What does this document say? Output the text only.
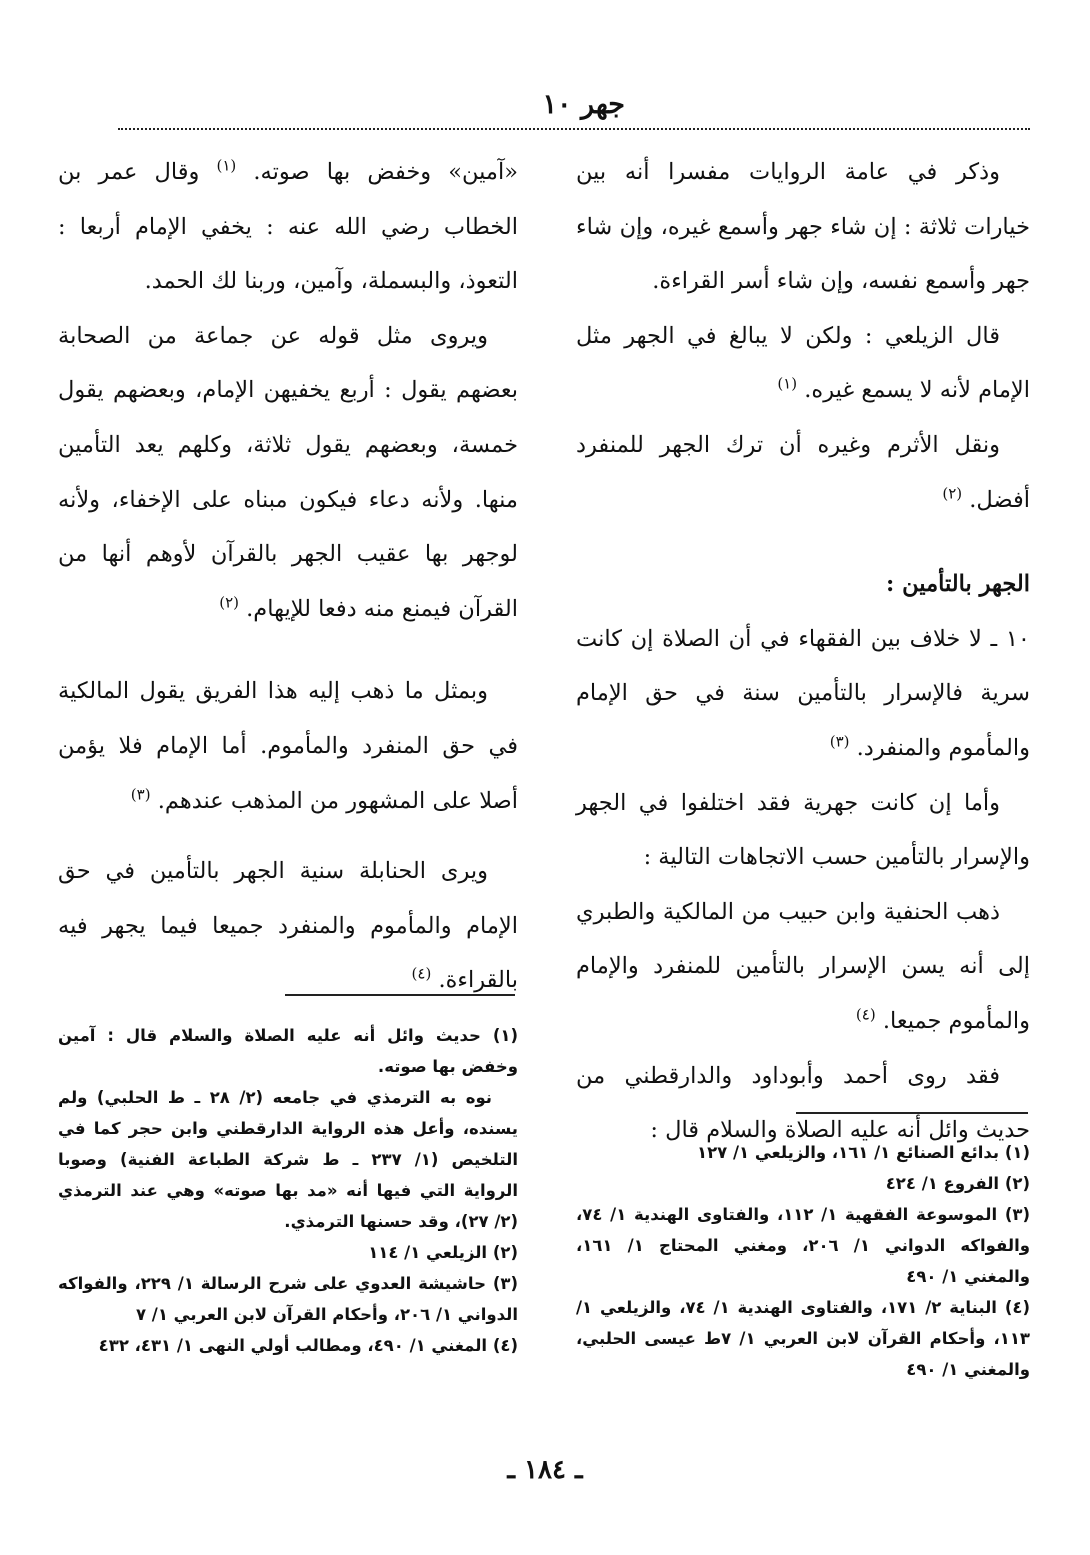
جهر ١٠

وذكر في عامة الروايات مفسرا أنه بين خيارات ثلاثة : إن شاء جهر وأسمع غيره، وإن شاء جهر وأسمع نفسه، وإن شاء أسر القراءة.

قال الزيلعي : ولكن لا يبالغ في الجهر مثل الإمام لأنه لا يسمع غيره. $^{(١)}$

ونقل الأثرم وغيره أن ترك الجهر للمنفرد أفضل. $^{(٢)}$

الجهر بالتأمين :

١٠ ـ لا خلاف بين الفقهاء في أن الصلاة إن كانت سرية فالإسرار بالتأمين سنة في حق الإمام والمأموم والمنفرد. $^{(٣)}$

وأما إن كانت جهرية فقد اختلفوا في الجهر والإسرار بالتأمين حسب الاتجاهات التالية :

ذهب الحنفية وابن حبيب من المالكية والطبري إلى أنه يسن الإسرار بالتأمين للمنفرد والإمام والمأموم جميعا. $^{(٤)}$

فقد روى أحمد وأبوداود والدارقطني من حديث وائل أنه عليه الصلاة والسلام قال :

«آمين» وخفض بها صوته. $^{(١)}$ وقال عمر بن الخطاب رضي الله عنه : يخفي الإمام أربعا : التعوذ، والبسملة، وآمين، وربنا لك الحمد.

ويروى مثل قوله عن جماعة من الصحابة بعضهم يقول : أربع يخفيهن الإمام، وبعضهم يقول خمسة، وبعضهم يقول ثلاثة، وكلهم يعد التأمين منها. ولأنه دعاء فيكون مبناه على الإخفاء، ولأنه لوجهر بها عقيب الجهر بالقرآن لأوهم أنها من القرآن فيمنع منه دفعا للإيهام. $^{(٢)}$

وبمثل ما ذهب إليه هذا الفريق يقول المالكية في حق المنفرد والمأموم. أما الإمام فلا يؤمن أصلا على المشهور من المذهب عندهم. $^{(٣)}$

ويرى الحنابلة سنية الجهر بالتأمين في حق الإمام والمأموم والمنفرد جميعا فيما يجهر فيه بالقراءة. $^{(٤)}$

(١) بدائع الصنائع ١/ ١٦١، والزيلعي ١/ ١٢٧

(٢) الفروع ١/ ٤٢٤

(٣) الموسوعة الفقهية ١/ ١١٢، والفتاوى الهندية ١/ ٧٤، والفواكه الدواني ١/ ٢٠٦، ومغني المحتاج ١/ ١٦١، والمغني ١/ ٤٩٠

(٤) البناية ٢/ ١٧١، والفتاوى الهندية ١/ ٧٤، والزيلعي ١/ ١١٣، وأحكام القرآن لابن العربي ١/ ٧ط عيسى الحلبي، والمغني ١/ ٤٩٠

(١) حديث وائل أنه عليه الصلاة والسلام قال : آمين وخفض بها صوته.

نوه به الترمذي في جامعه (٢/ ٢٨ ـ ط الحلبي) ولم يسنده، وأعل هذه الرواية الدارقطني وابن حجر كما في التلخيص (١/ ٢٣٧ ـ ط شركة الطباعة الفنية) وصوبا الرواية التي فيها أنه «مد بها صوته» وهي عند الترمذي (٢/ ٢٧)، وقد حسنها الترمذي.

(٢) الزيلعي ١/ ١١٤

(٣) حاشيشة العدوي على شرح الرسالة ١/ ٢٢٩، والفواكه الدواني ١/ ٢٠٦، وأحكام القرآن لابن العربي ١/ ٧

(٤) المغني ١/ ٤٩٠، ومطالب أولي النهى ١/ ٤٣١، ٤٣٢

ـ ١٨٤ ـ
